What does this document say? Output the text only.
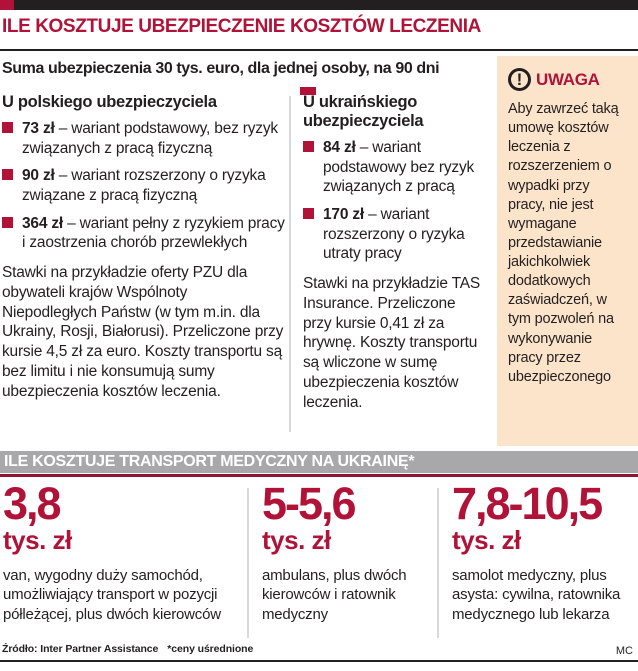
ILE KOSZTUJE UBEZPIECZENIE KOSZTÓW LECZENIA
Suma ubezpieczenia 30 tys. euro, dla jednej osoby, na 90 dni
U polskiego ubezpieczyciela
73 zł – wariant podstawowy, bez ryzyk związanych z pracą fizyczną
90 zł – wariant rozszerzony o ryzyka związane z pracą fizyczną
364 zł – wariant pełny z ryzykiem pracy i zaostrzenia chorób przewlekłych

Stawki na przykładzie oferty PZU dla obywateli krajów Wspólnoty Niepodległych Państw (w tym m.in. dla Ukrainy, Rosji, Białorusi). Przeliczone przy kursie 4,5 zł za euro. Koszty transportu są bez limitu i nie konsumują sumy ubezpieczenia kosztów leczenia.

U ukraińskiego ubezpieczyciela
84 zł – wariant podstawowy bez ryzyk związanych z pracą
170 zł – wariant rozszerzony o ryzyka utraty pracy

Stawki na przykładzie TAS Insurance. Przeliczone przy kursie 0,41 zł za hrywnę. Koszty transportu są wliczone w sumę ubezpieczenia kosztów leczenia.

!
UWAGA

Aby zawrzeć taką umowę kosztów leczenia z rozszerzeniem o wypadki przy pracy, nie jest wymagane przedstawianie jakichkolwiek dodatkowych zaświadczeń, w tym pozwoleń na wykonywanie pracy przez ubezpieczonego

ILE KOSZTUJE TRANSPORT MEDYCZNY NA UKRAINĘ*

3,8

tys. zł
van, wygodny duży samochód, umożliwiający transport w pozycji półleżącej, plus dwóch kierowców

5-5,6

tys. zł
ambulans, plus dwóch kierowców i ratownik medyczny

7,8-10,5

tys. zł
samolot medyczny, plus asysta: cywilna, ratownika medycznego lub lekarza
Źródło: Inter Partner Assistance *ceny uśrednione	MC
